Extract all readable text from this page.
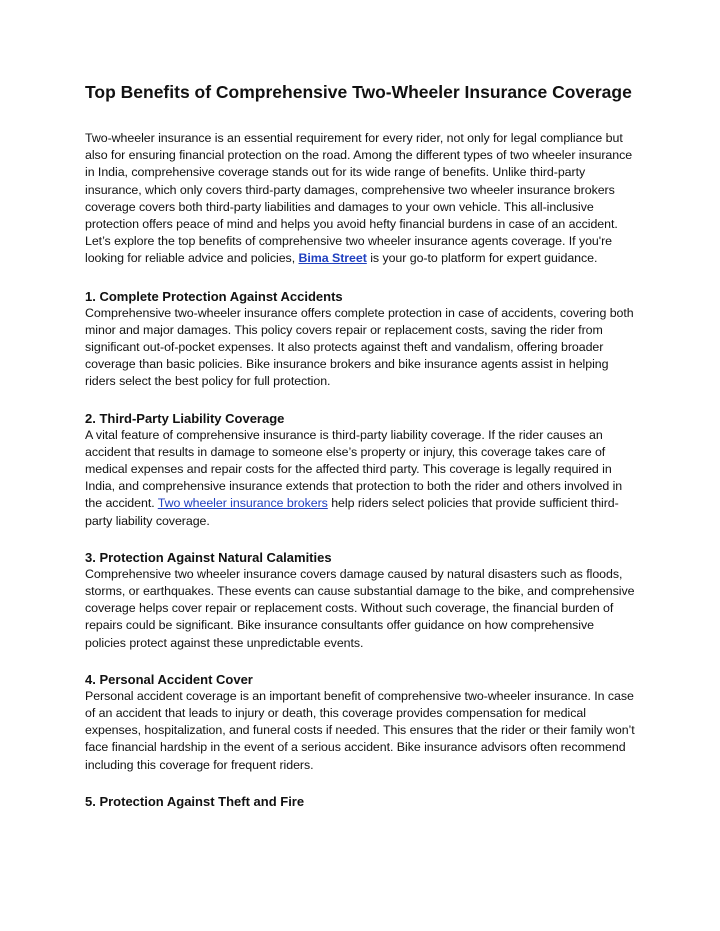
Top Benefits of Comprehensive Two-Wheeler Insurance Coverage

Two-wheeler insurance is an essential requirement for every rider, not only for legal compliance but also for ensuring financial protection on the road. Among the different types of two wheeler insurance in India, comprehensive coverage stands out for its wide range of benefits. Unlike third-party insurance, which only covers third-party damages, comprehensive two wheeler insurance brokers coverage covers both third-party liabilities and damages to your own vehicle. This all-inclusive protection offers peace of mind and helps you avoid hefty financial burdens in case of an accident. Let’s explore the top benefits of comprehensive two wheeler insurance agents coverage. If you're looking for reliable advice and policies, Bima Street is your go-to platform for expert guidance.

1. Complete Protection Against Accidents

Comprehensive two-wheeler insurance offers complete protection in case of accidents, covering both minor and major damages. This policy covers repair or replacement costs, saving the rider from significant out-of-pocket expenses. It also protects against theft and vandalism, offering broader coverage than basic policies. Bike insurance brokers and bike insurance agents assist in helping riders select the best policy for full protection.

2. Third-Party Liability Coverage

A vital feature of comprehensive insurance is third-party liability coverage. If the rider causes an accident that results in damage to someone else’s property or injury, this coverage takes care of medical expenses and repair costs for the affected third party. This coverage is legally required in India, and comprehensive insurance extends that protection to both the rider and others involved in the accident. Two wheeler insurance brokers help riders select policies that provide sufficient third-party liability coverage.

3. Protection Against Natural Calamities

Comprehensive two wheeler insurance covers damage caused by natural disasters such as floods, storms, or earthquakes. These events can cause substantial damage to the bike, and comprehensive coverage helps cover repair or replacement costs. Without such coverage, the financial burden of repairs could be significant. Bike insurance consultants offer guidance on how comprehensive policies protect against these unpredictable events.

4. Personal Accident Cover

Personal accident coverage is an important benefit of comprehensive two-wheeler insurance. In case of an accident that leads to injury or death, this coverage provides compensation for medical expenses, hospitalization, and funeral costs if needed. This ensures that the rider or their family won’t face financial hardship in the event of a serious accident. Bike insurance advisors often recommend including this coverage for frequent riders.

5. Protection Against Theft and Fire
